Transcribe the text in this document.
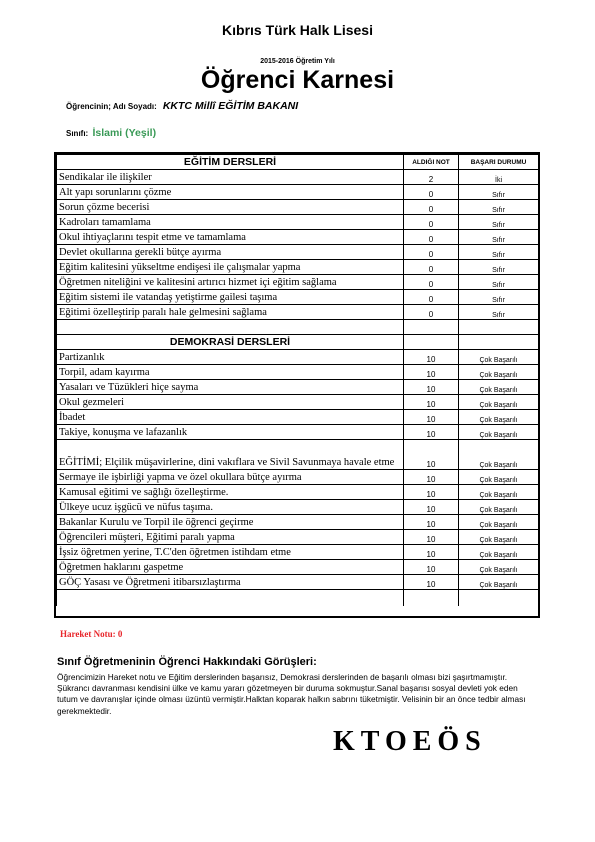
Kıbrıs Türk Halk Lisesi
2015-2016 Öğretim Yılı
Öğrenci Karnesi
Öğrencinin; Adı Soyadı: KKTC Millî EĞİTİM BAKANI
Sınıfı: İslami (Yeşil)
EĞİTİM DERSLERİ	ALDIĞI NOT	BAŞARI DURUMU
Sendikalar ile ilişkiler	2	İki
Alt yapı sorunlarını çözme	0	Sıfır
Sorun çözme becerisi	0	Sıfır
Kadroları tamamlama	0	Sıfır
Okul ihtiyaçlarını tespit etme ve tamamlama	0	Sıfır
Devlet okullarına gerekli bütçe ayırma	0	Sıfır
Eğitim kalitesini yükseltme endişesi ile çalışmalar yapma	0	Sıfır
Öğretmen niteliğini ve kalitesini artırıcı hizmet içi eğitim sağlama	0	Sıfır
Eğitim sistemi ile vatandaş yetiştirme gailesi taşıma	0	Sıfır
Eğitimi özelleştirip paralı hale gelmesini sağlama	0	Sıfır

DEMOKRASİ DERSLERİ		
Partizanlık	10	Çok Başarılı
Torpil, adam kayırma	10	Çok Başarılı
Yasaları ve Tüzükleri hiçe sayma	10	Çok Başarılı
Okul gezmeleri	10	Çok Başarılı
İbadet	10	Çok Başarılı
Takiye, konuşma ve lafazanlık	10	Çok Başarılı
EĞİTİMİ; Elçilik müşavirlerine, dini vakıflara ve Sivil Savunmaya havale etme	10	Çok Başarılı
Sermaye ile işbirliği yapma ve özel okullara bütçe ayırma	10	Çok Başarılı
Kamusal eğitimi ve sağlığı özelleştirme.	10	Çok Başarılı
Ülkeye ucuz işgücü ve nüfus taşıma.	10	Çok Başarılı
Bakanlar Kurulu ve Torpil ile öğrenci geçirme	10	Çok Başarılı
Öğrencileri müşteri, Eğitimi paralı yapma	10	Çok Başarılı
İşsiz öğretmen yerine, T.C'den öğretmen istihdam etme	10	Çok Başarılı
Öğretmen haklarını gaspetme	10	Çok Başarılı
GÖÇ Yasası ve Öğretmeni itibarsızlaştırma	10	Çok Başarılı

Hareket Notu: 0
Sınıf Öğretmeninin Öğrenci Hakkındaki Görüşleri:
Öğrencimizin Hareket notu ve Eğitim derslerinden başarısız, Demokrasi derslerinden de başarılı olması bizi şaşırtmamıştır. Şükrancı davranması kendisini ülke ve kamu yararı gözetmeyen bir duruma sokmuştur.Sanal başarısı sosyal devleti yok eden tutum ve davranışlar içinde olması üzüntü vermiştir.Halktan koparak halkın sabrını tüketmiştir. Velisinin bir an önce tedbir alması gerekmektedir.
KTOEÖS
